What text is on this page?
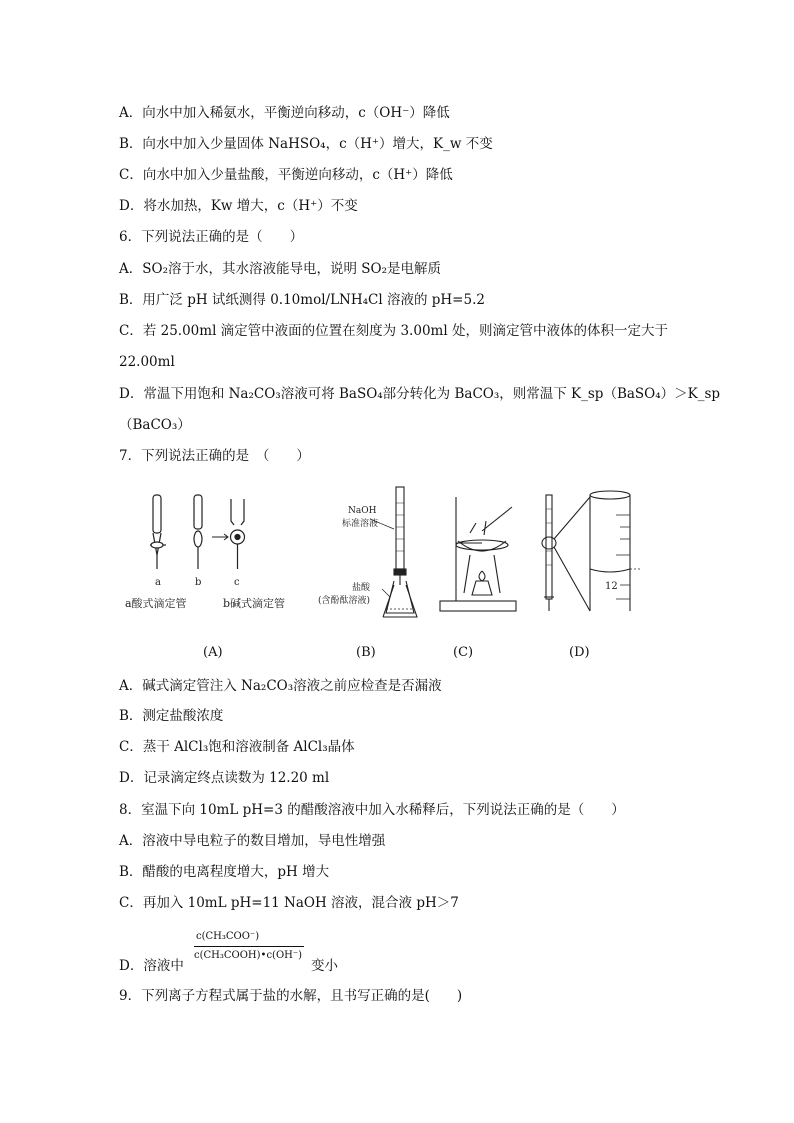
A．向水中加入稀氨水，平衡逆向移动，c（OH⁻）降低
B．向水中加入少量固体 NaHSO₄，c（H⁺）增大，K_w 不变
C．向水中加入少量盐酸，平衡逆向移动，c（H⁺）降低
D．将水加热，Kw 增大，c（H⁺）不变
6．下列说法正确的是（　　）
A．SO₂溶于水，其水溶液能导电，说明 SO₂是电解质
B．用广泛 pH 试纸测得 0.10mol/LNH₄Cl 溶液的 pH=5.2
C．若 25.00ml 滴定管中液面的位置在刻度为 3.00ml 处，则滴定管中液体的体积一定大于
22.00ml
D．常温下用饱和 Na₂CO₃溶液可将 BaSO₄部分转化为 BaCO₃，则常温下 K_sp（BaSO₄）＞K_sp
（BaCO₃）
7．下列说法正确的是　（　　）
a	b	c
a酸式滴定管	b碱式滴定管
NaOH
标准溶液
盐酸
(含酚酞溶液)
12
(A)	(B)	(C)	(D)
A．碱式滴定管注入 Na₂CO₃溶液之前应检查是否漏液
B．测定盐酸浓度
C．蒸干 AlCl₃饱和溶液制备 AlCl₃晶体
D．记录滴定终点读数为 12.20 ml
8．室温下向 10mL pH=3 的醋酸溶液中加入水稀释后，下列说法正确的是（　　）
A．溶液中导电粒子的数目增加，导电性增强
B．醋酸的电离程度增大，pH 增大
C．再加入 10mL pH=11 NaOH 溶液，混合液 pH＞7
D．溶液中
c(CH₃COO⁻)
c(CH₃COOH)•c(OH⁻)
变小
9．下列离子方程式属于盐的水解，且书写正确的是(　　)
